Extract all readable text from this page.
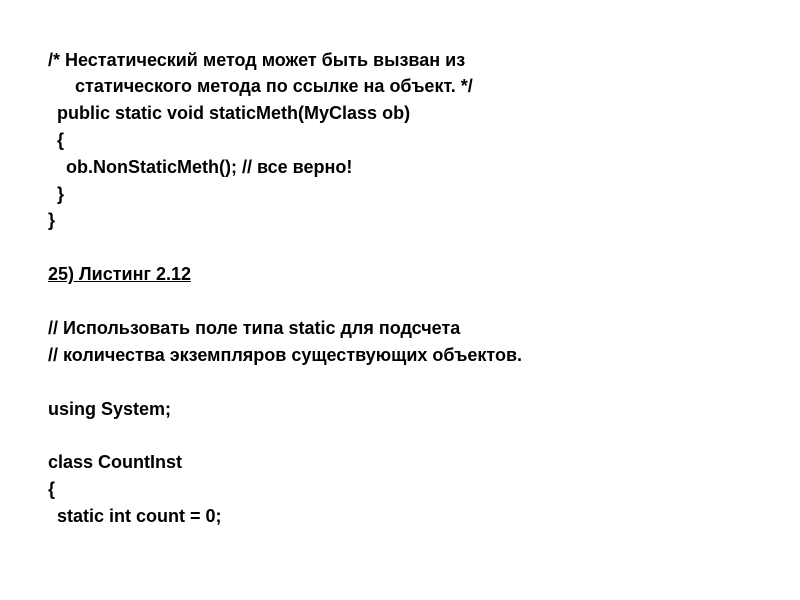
/* Нестатический метод может быть вызван из
статического метода по ссылке на объект. */
public static void staticMeth(MyClass ob)
{
ob.NonStaticMeth(); // все верно!
}
}
25) Листинг 2.12
// Использовать поле типа static для подсчета
// количества экземпляров существующих объектов.
using System;
class CountInst
{
static int count = 0;
